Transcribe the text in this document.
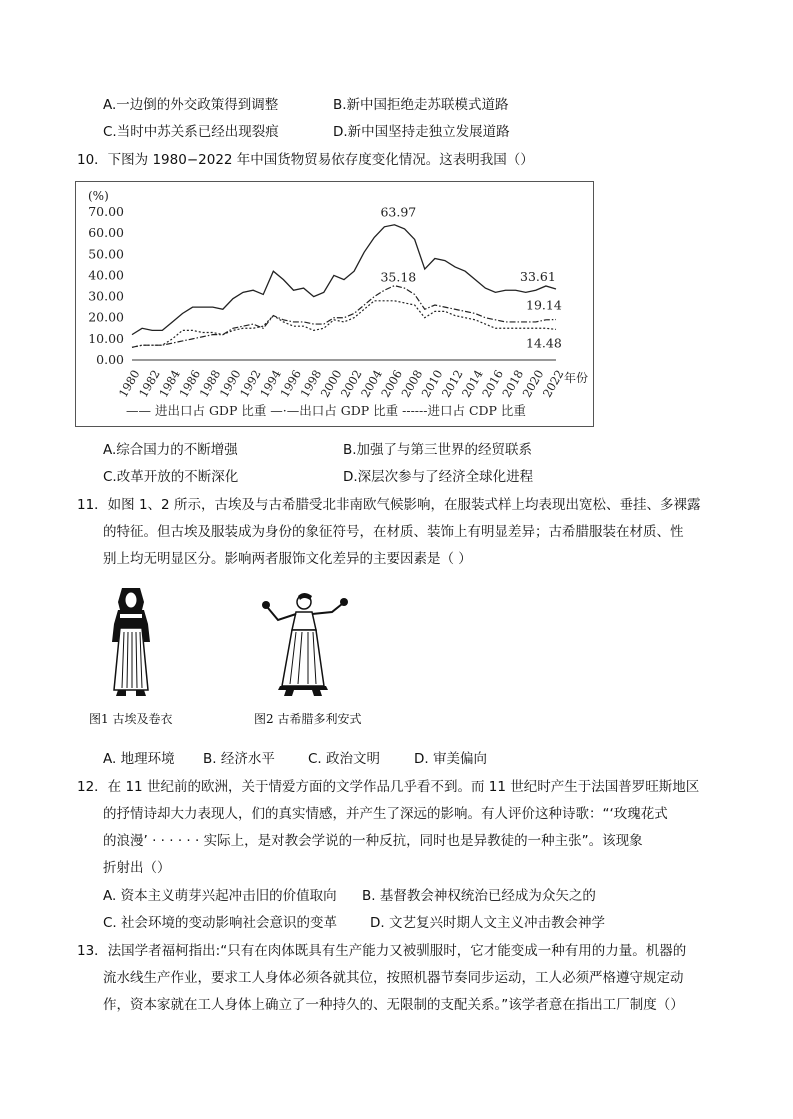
A.一边倒的外交政策得到调整	B.新中国拒绝走苏联模式道路
C.当时中苏关系已经出现裂痕	D.新中国坚持走独立发展道路
10．下图为 1980−2022 年中国货物贸易依存度变化情况。这表明我国（）
(%)
70.00
60.00
50.00
40.00
30.00
20.00
10.00
0.00
1980
1982
1984
1986
1988
1990
1992
1994
1996
1998
2000
2002
2004
2006
2008
2010
2012
2014
2016
2018
2020
2022
年份
63.97
35.18	33.61
19.14
14.48
—— 进出口占 GDP 比重 —·—出口占 GDP 比重 ------进口占 CDP 比重
A.综合国力的不断增强	B.加强了与第三世界的经贸联系
C.改革开放的不断深化	D.深层次参与了经济全球化进程
11．如图 1、2 所示，古埃及与古希腊受北非南欧气候影响，在服装式样上均表现出宽松、垂挂、多裸露
的特征。但古埃及服装成为身份的象征符号，在材质、装饰上有明显差异；古希腊服装在材质、性
别上均无明显区分。影响两者服饰文化差异的主要因素是（ ）
图1 古埃及卷衣	图2 古希腊多利安式
A. 地理环境 B. 经济水平 C. 政治文明	D. 审美偏向
12．在 11 世纪前的欧洲，关于情爱方面的文学作品几乎看不到。而 11 世纪时产生于法国普罗旺斯地区
的抒情诗却大力表现人，们的真实情感，并产生了深远的影响。有人评价这种诗歌：“‘玫瑰花式
的浪漫’ · · · · · · 实际上，是对教会学说的一种反抗，同时也是异教徒的一种主张”。该现象
折射出（）
A. 资本主义萌芽兴起冲击旧的价值取向 B. 基督教会神权统治已经成为众矢之的
C. 社会环境的变动影响社会意识的变革 D. 文艺复兴时期人文主义冲击教会神学
13．法国学者福柯指出:“只有在肉体既具有生产能力又被驯服时，它才能变成一种有用的力量。机器的
流水线生产作业，要求工人身体必须各就其位，按照机器节奏同步运动，工人必须严格遵守规定动
作，资本家就在工人身体上确立了一种持久的、无限制的支配关系。”该学者意在指出工厂制度（）
